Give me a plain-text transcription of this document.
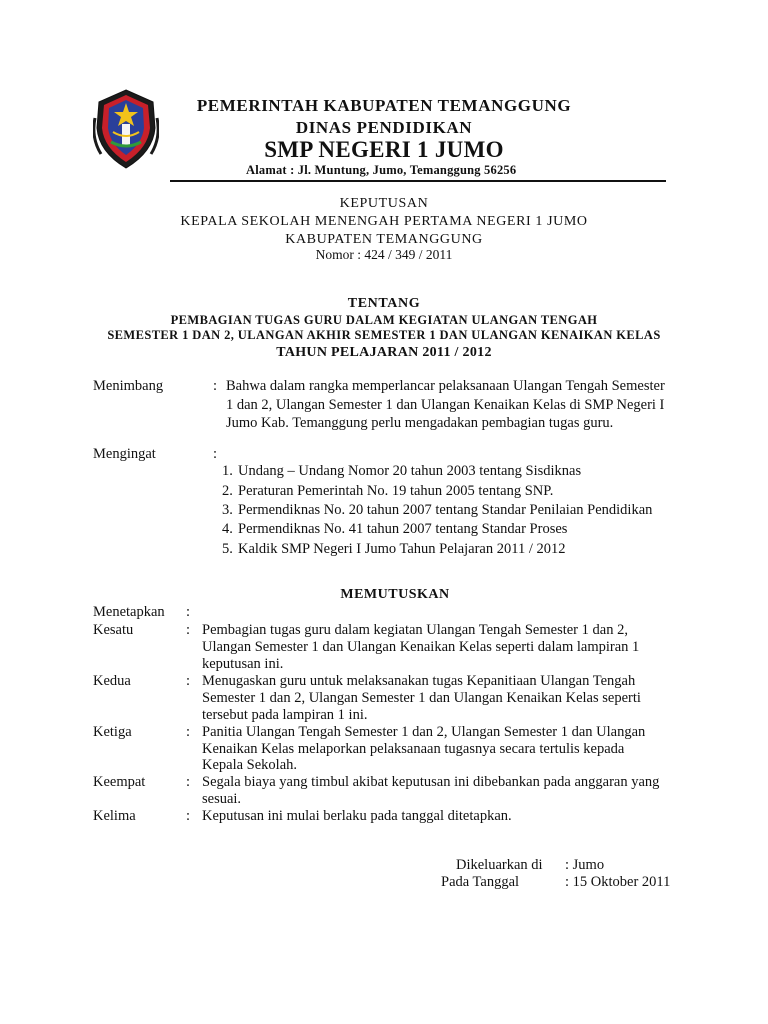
PEMERINTAH KABUPATEN TEMANGGUNG
DINAS PENDIDIKAN
SMP NEGERI 1 JUMO
Alamat : Jl. Muntung, Jumo, Temanggung 56256
KEPUTUSAN
KEPALA SEKOLAH MENENGAH PERTAMA NEGERI 1 JUMO
KABUPATEN TEMANGGUNG
Nomor : 424 / 349 / 2011
TENTANG
PEMBAGIAN TUGAS GURU DALAM KEGIATAN ULANGAN TENGAH
SEMESTER 1 DAN 2, ULANGAN AKHIR SEMESTER 1 DAN ULANGAN KENAIKAN KELAS
TAHUN PELAJARAN 2011 / 2012
Menimbang	: Bahwa dalam rangka memperlancar pelaksanaan Ulangan Tengah Semester
1 dan 2, Ulangan Semester 1 dan Ulangan Kenaikan Kelas di SMP Negeri I
Jumo Kab. Temanggung perlu mengadakan pembagian tugas guru.
Mengingat	:
1. Undang – Undang Nomor 20 tahun 2003 tentang Sisdiknas
2. Peraturan Pemerintah No. 19 tahun 2005 tentang SNP.
3. Permendiknas No. 20 tahun 2007 tentang Standar Penilaian Pendidikan
4. Permendiknas No. 41 tahun 2007 tentang Standar Proses
5. Kaldik SMP Negeri I Jumo Tahun Pelajaran 2011 / 2012
MEMUTUSKAN
Menetapkan :
Kesatu	: Pembagian tugas guru dalam kegiatan Ulangan Tengah Semester 1 dan 2,
Ulangan Semester 1 dan Ulangan Kenaikan Kelas seperti dalam lampiran 1
keputusan ini.
Kedua	: Menugaskan guru untuk melaksanakan tugas Kepanitiaan Ulangan Tengah
Semester 1 dan 2, Ulangan Semester 1 dan Ulangan Kenaikan Kelas seperti
tersebut pada lampiran 1 ini.
Ketiga	: Panitia Ulangan Tengah Semester 1 dan 2, Ulangan Semester 1 dan Ulangan
Kenaikan Kelas melaporkan pelaksanaan tugasnya secara tertulis kepada
Kepala Sekolah.
Keempat	: Segala biaya yang timbul akibat keputusan ini dibebankan pada anggaran yang
sesuai.
Kelima	: Keputusan ini mulai berlaku pada tanggal ditetapkan.
Dikeluarkan di : Jumo
Pada Tanggal	: 15 Oktober 2011
